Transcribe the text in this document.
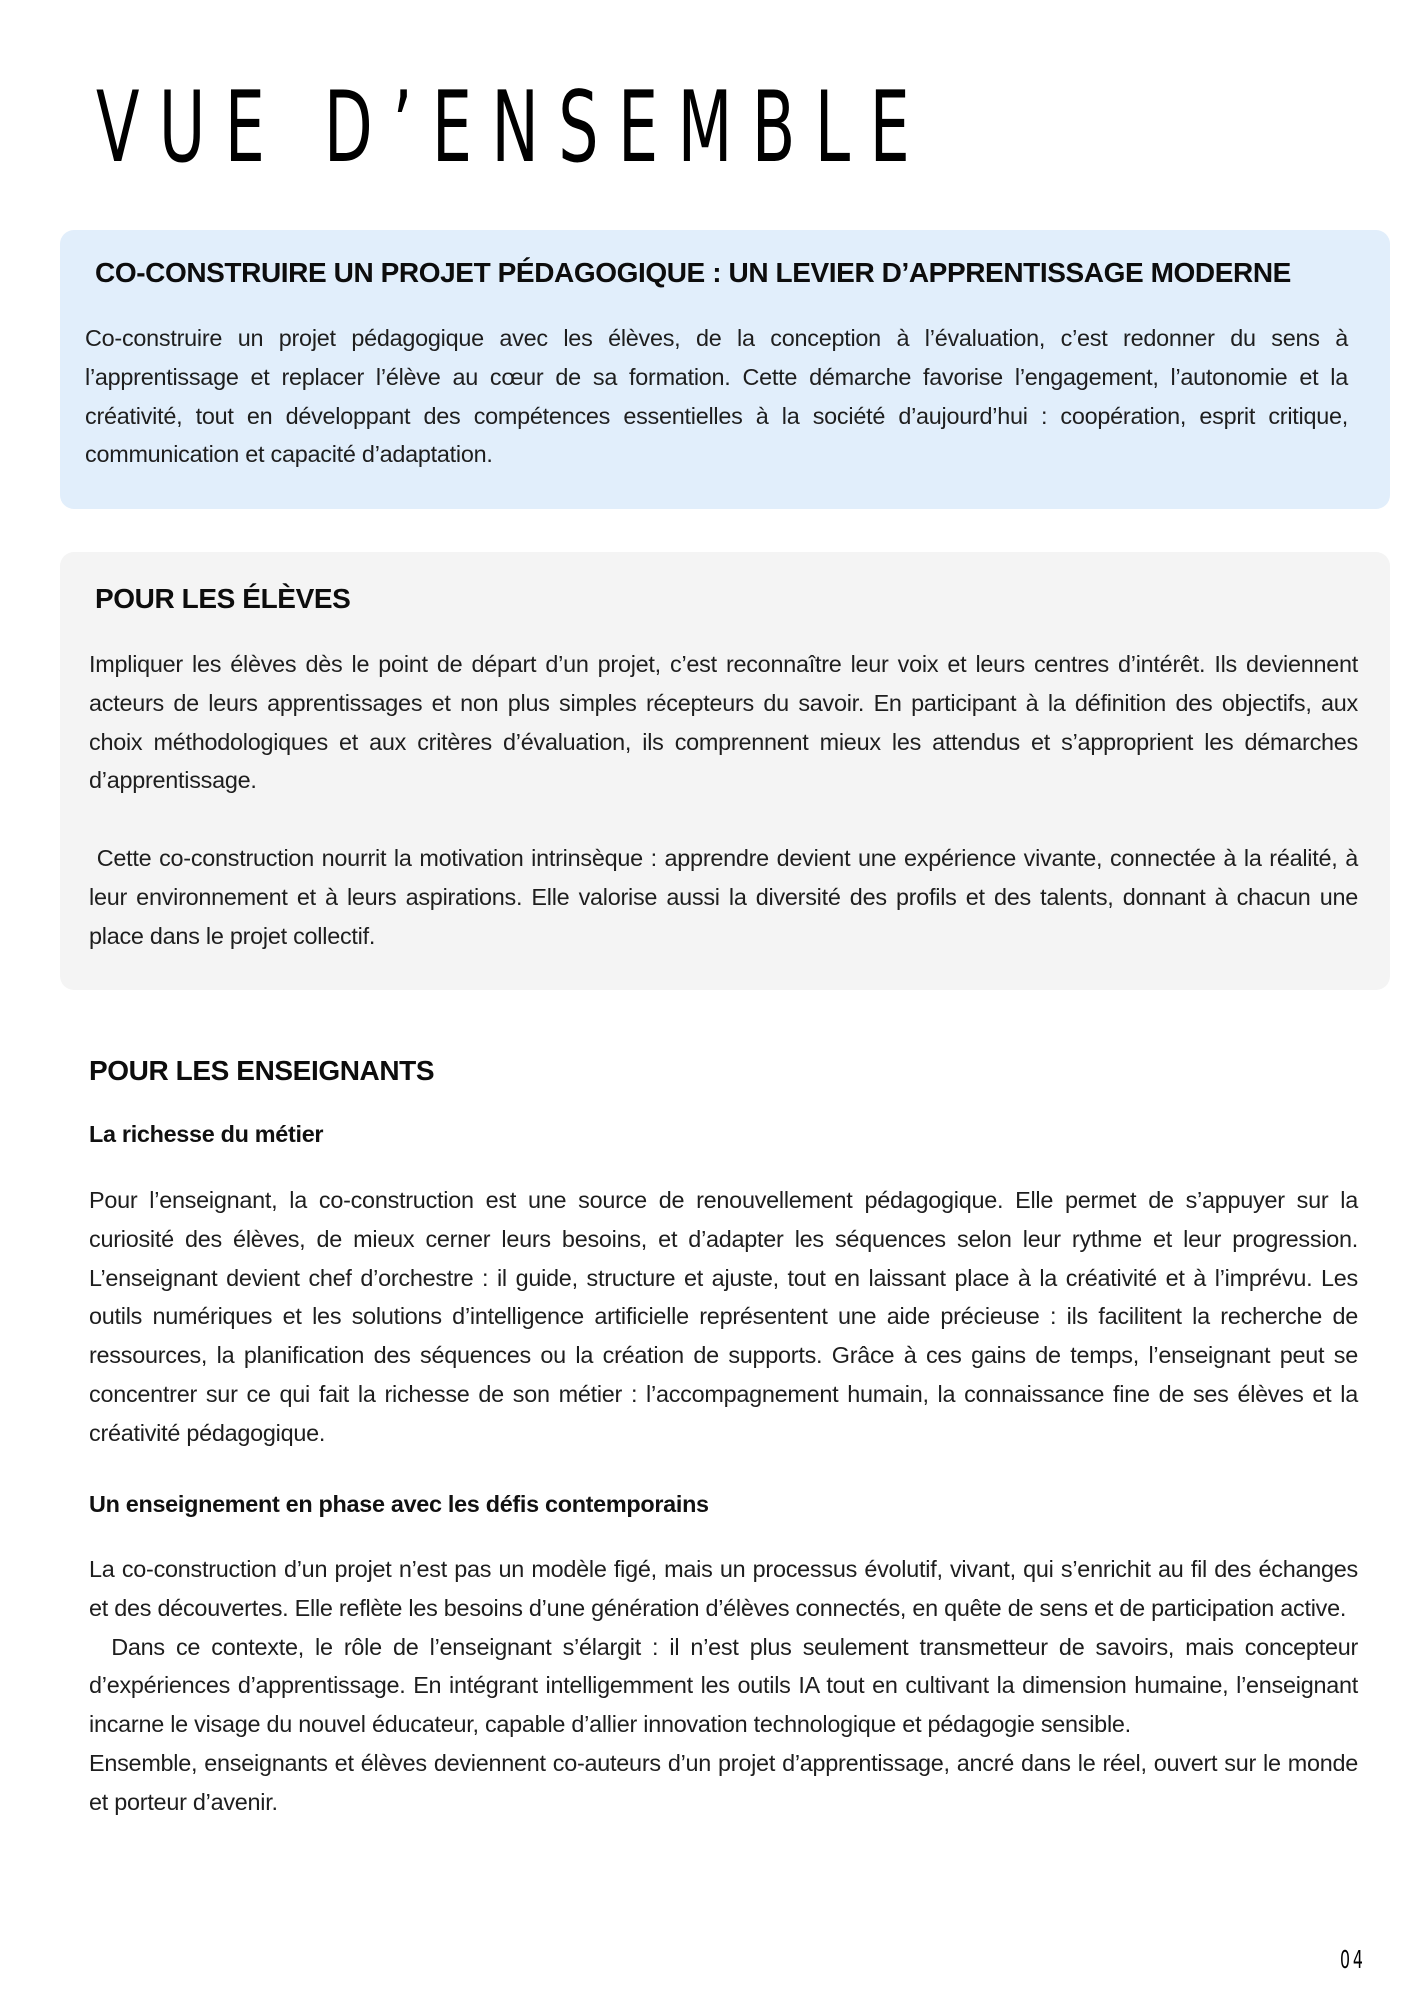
VUE D’ENSEMBLE
CO-CONSTRUIRE UN PROJET PÉDAGOGIQUE : UN LEVIER D’APPRENTISSAGE MODERNE

Co-construire un projet pédagogique avec les élèves, de la conception à l’évaluation, c’est redonner du sens à l’apprentissage et replacer l’élève au cœur de sa formation. Cette démarche favorise l’engagement, l’autonomie et la créativité, tout en développant des compétences essentielles à la société d’aujourd’hui : coopération, esprit critique, communication et capacité d’adaptation.

POUR LES ÉLÈVES

Impliquer les élèves dès le point de départ d’un projet, c’est reconnaître leur voix et leurs centres d’intérêt. Ils deviennent acteurs de leurs apprentissages et non plus simples récepteurs du savoir. En participant à la définition des objectifs, aux choix méthodologiques et aux critères d’évaluation, ils comprennent mieux les attendus et s’approprient les démarches d’apprentissage.

Cette co-construction nourrit la motivation intrinsèque : apprendre devient une expérience vivante, connectée à la réalité, à leur environnement et à leurs aspirations. Elle valorise aussi la diversité des profils et des talents, donnant à chacun une place dans le projet collectif.

POUR LES ENSEIGNANTS
La richesse du métier

Pour l’enseignant, la co-construction est une source de renouvellement pédagogique. Elle permet de s’appuyer sur la curiosité des élèves, de mieux cerner leurs besoins, et d’adapter les séquences selon leur rythme et leur progression. L’enseignant devient chef d’orchestre : il guide, structure et ajuste, tout en laissant place à la créativité et à l’imprévu. Les outils numériques et les solutions d’intelligence artificielle représentent une aide précieuse : ils facilitent la recherche de ressources, la planification des séquences ou la création de supports. Grâce à ces gains de temps, l’enseignant peut se concentrer sur ce qui fait la richesse de son métier : l’accompagnement humain, la connaissance fine de ses élèves et la créativité pédagogique.

Un enseignement en phase avec les défis contemporains

La co-construction d’un projet n’est pas un modèle figé, mais un processus évolutif, vivant, qui s’enrichit au fil des échanges et des découvertes. Elle reflète les besoins d’une génération d’élèves connectés, en quête de sens et de participation active.

Dans ce contexte, le rôle de l’enseignant s’élargit : il n’est plus seulement transmetteur de savoirs, mais concepteur d’expériences d’apprentissage. En intégrant intelligemment les outils IA tout en cultivant la dimension humaine, l’enseignant incarne le visage du nouvel éducateur, capable d’allier innovation technologique et pédagogie sensible.

Ensemble, enseignants et élèves deviennent co-auteurs d’un projet d’apprentissage, ancré dans le réel, ouvert sur le monde et porteur d’avenir.

04
